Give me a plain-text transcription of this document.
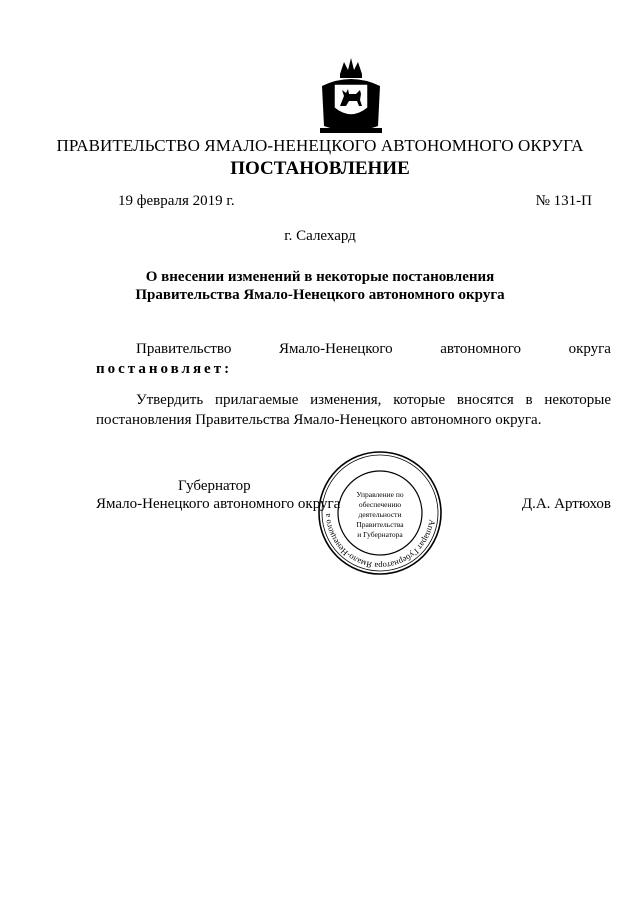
ПРАВИТЕЛЬСТВО ЯМАЛО-НЕНЕЦКОГО АВТОНОМНОГО ОКРУГА
ПОСТАНОВЛЕНИЕ
19 февраля 2019 г.	№ 131-П
г. Салехард
О внесении изменений в некоторые постановления
Правительства Ямало-Ненецкого автономного округа
Правительство	Ямало-Ненецкого	автономного	округа
постановляет:
Утвердить прилагаемые изменения, которые вносятся в некоторые постановления Правительства Ямало-Ненецкого автономного округа.
Губернатор
Ямало-Ненецкого автономного округа	Д.А. Артюхов
Аппарат Губернатора Ямало-Ненецкого а
Управление по
обеспечению
деятельности
Правительства
и Губернатора
